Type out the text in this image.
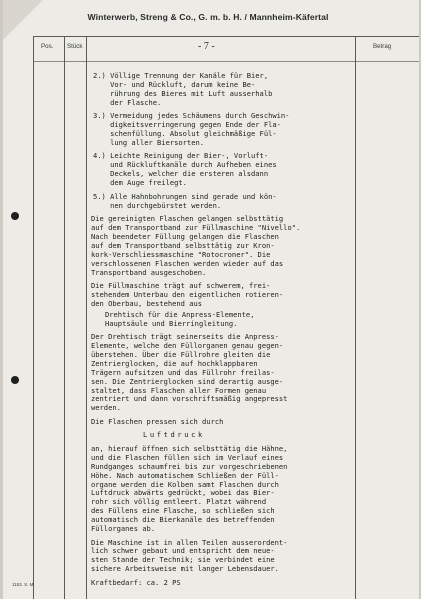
Winterwerb, Streng & Co., G. m. b. H. / Mannheim-Käfertal
Pos. Stück	- 7 -	Betrag

2.) Völlige Trennung der Kanäle für Bier,
Vor- und Rückluft, darum keine Be-
rührung des Bieres mit Luft ausserhalb
der Flasche.

3.) Vermeidung jedes Schäumens durch Geschwin-
digkeitsverringerung gegen Ende der Fla-
schenfüllung. Absolut gleichmäßige Fül-
lung aller Biersorten.

4.) Leichte Reinigung der Bier-, Vorluft-
und Rückluftkanäle durch Aufheben eines
Deckels, welcher die ersteren alsdann
dem Auge freilegt.

5.) Alle Hahnbohrungen sind gerade und kön-
nen durchgebürstet werden.

Die gereinigten Flaschen gelangen selbsttätig
auf dem Transportband zur Füllmaschine "Nivello".
Nach beendeter Füllung gelangen die Flaschen
auf dem Transportband selbsttätig zur Kron-
kork-Verschliessmaschine "Rotocroner". Die
verschlossenen Flaschen werden wieder auf das
Transportband ausgeschoben.

Die Füllmaschine trägt auf schwerem, frei-
stehendem Unterbau den eigentlichen rotieren-
den Oberbau, bestehend aus

Drehtisch für die Anpress-Elemente,
Hauptsäule und Bierringleitung.

Der Drehtisch trägt seinerseits die Anpress-
Elemente, welche den Füllorganen genau gegen-
überstehen. Über die Füllrohre gleiten die
Zentrierglocken, die auf hochklappbaren
Trägern aufsitzen und das Füllrohr freilas-
sen. Die Zentrierglocken sind derartig ausge-
staltet, dass Flaschen aller Formen genau
zentriert und dann vorschriftsmäßig angepresst
werden.

Die Flaschen pressen sich durch

Luftdruck

an, hierauf öffnen sich selbsttätig die Hähne,
und die Flaschen füllen sich im Verlauf eines
Rundganges schaumfrei bis zur vorgeschriebenen
Höhe. Nach automatischem Schließen der Füll-
organe werden die Kolben samt Flaschen durch
Luftdruck abwärts gedrückt, wobei das Bier-
rohr sich völlig entleert. Platzt während
des Füllens eine Flasche, so schließen sich
automatisch die Bierkanäle des betreffenden
Füllorganes ab.

Die Maschine ist in allen Teilen ausserordent-
lich schwer gebaut und entspricht dem neue-
sten Stande der Technik; sie verbindet eine
sichere Arbeitsweise mit langer Lebensdauer.

Kraftbedarf: ca. 2 PS

1153. S. M.
